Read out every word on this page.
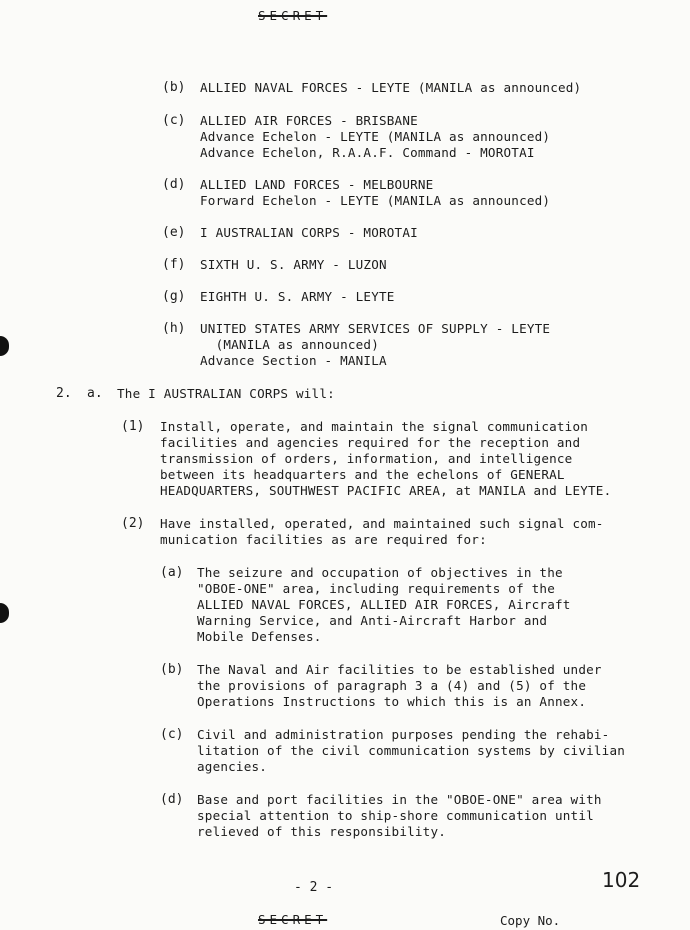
SECRET
(b) ALLIED NAVAL FORCES - LEYTE (MANILA as announced)
(c) ALLIED AIR FORCES - BRISBANE
Advance Echelon - LEYTE (MANILA as announced)
Advance Echelon, R.A.A.F. Command - MOROTAI
(d) ALLIED LAND FORCES - MELBOURNE
Forward Echelon - LEYTE (MANILA as announced)
(e) I AUSTRALIAN CORPS - MOROTAI
(f) SIXTH U. S. ARMY - LUZON
(g) EIGHTH U. S. ARMY - LEYTE
(h) UNITED STATES ARMY SERVICES OF SUPPLY - LEYTE
(MANILA as announced)
Advance Section - MANILA
2. a. The I AUSTRALIAN CORPS will:
(1) Install, operate, and maintain the signal communication
facilities and agencies required for the reception and
transmission of orders, information, and intelligence
between its headquarters and the echelons of GENERAL
HEADQUARTERS, SOUTHWEST PACIFIC AREA, at MANILA and LEYTE.
(2) Have installed, operated, and maintained such signal com-
munication facilities as are required for:
(a) The seizure and occupation of objectives in the
"OBOE-ONE" area, including requirements of the
ALLIED NAVAL FORCES, ALLIED AIR FORCES, Aircraft
Warning Service, and Anti-Aircraft Harbor and
Mobile Defenses.
(b) The Naval and Air facilities to be established under
the provisions of paragraph 3 a (4) and (5) of the
Operations Instructions to which this is an Annex.
(c) Civil and administration purposes pending the rehabi-
litation of the civil communication systems by civilian
agencies.
(d) Base and port facilities in the "OBOE-ONE" area with
special attention to ship-shore communication until
relieved of this responsibility.
- 2 -	102
SECRET	Copy No.
